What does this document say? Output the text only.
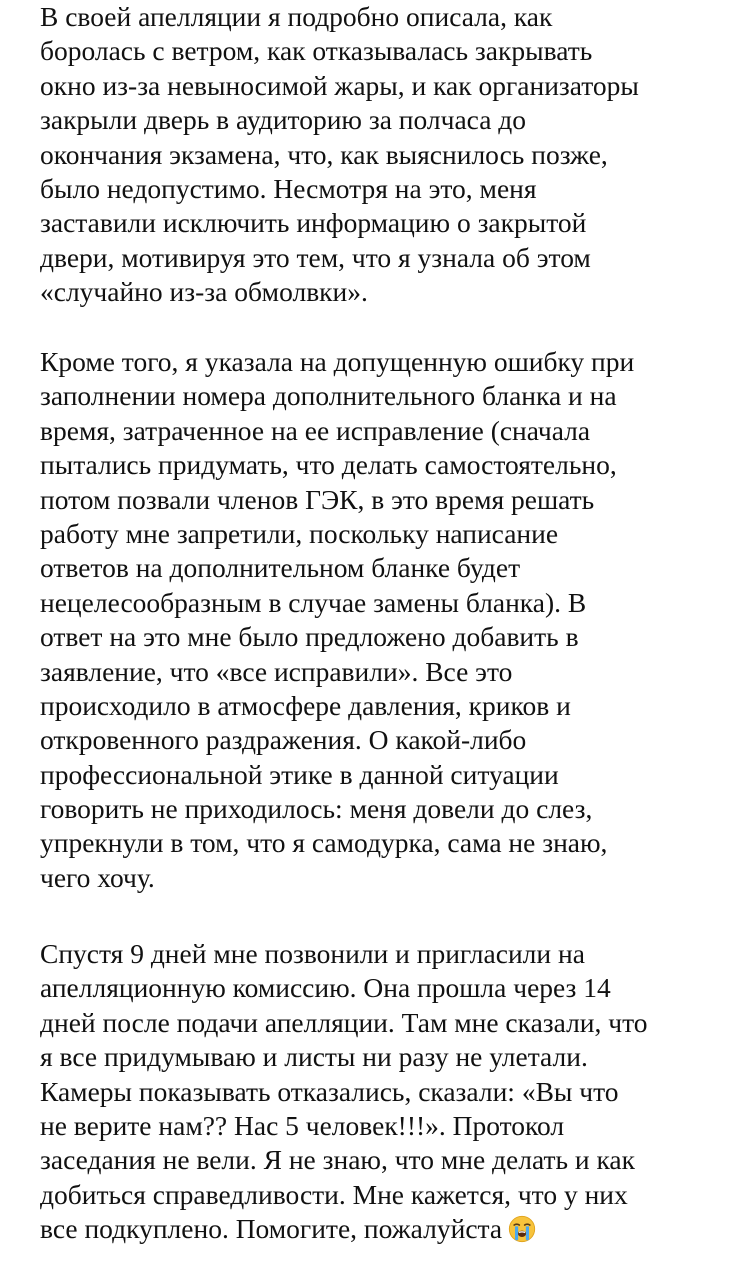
В своей апелляции я подробно описала, как
боролась с ветром, как отказывалась закрывать
окно из-за невыносимой жары, и как организаторы
закрыли дверь в аудиторию за полчаса до
окончания экзамена, что, как выяснилось позже,
было недопустимо. Несмотря на это, меня
заставили исключить информацию о закрытой
двери, мотивируя это тем, что я узнала об этом
«случайно из-за обмолвки».
Кроме того, я указала на допущенную ошибку при
заполнении номера дополнительного бланка и на
время, затраченное на ее исправление (сначала
пытались придумать, что делать самостоятельно,
потом позвали членов ГЭК, в это время решать
работу мне запретили, поскольку написание
ответов на дополнительном бланке будет
нецелесообразным в случае замены бланка). В
ответ на это мне было предложено добавить в
заявление, что «все исправили». Все это
происходило в атмосфере давления, криков и
откровенного раздражения. О какой-либо
профессиональной этике в данной ситуации
говорить не приходилось: меня довели до слез,
упрекнули в том, что я самодурка, сама не знаю,
чего хочу.
Спустя 9 дней мне позвонили и пригласили на
апелляционную комиссию. Она прошла через 14
дней после подачи апелляции. Там мне сказали, что
я все придумываю и листы ни разу не улетали.
Камеры показывать отказались, сказали: «Вы что
не верите нам?? Нас 5 человек!!!». Протокол
заседания не вели. Я не знаю, что мне делать и как
добиться справедливости. Мне кажется, что у них
все подкуплено. Помогите, пожалуйста
